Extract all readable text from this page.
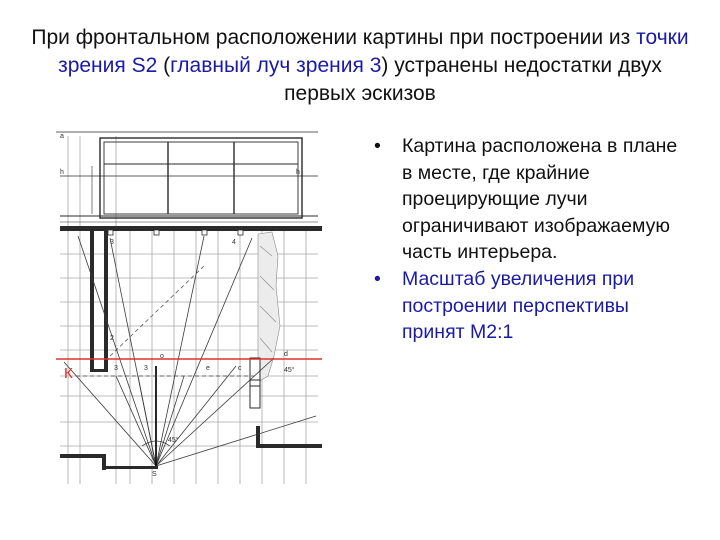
При фронтальном расположении картины при построении из точки зрения S2 (главный луч зрения 3) устранены недостатки двух первых эскизов
a
h	h
3	4
3	3
o	d
2
45°
45°
S
e	c
К
• Картина расположена в плане в месте, где крайние проецирующие лучи ограничивают изображаемую часть интерьера.
• Масштаб увеличения при построении перспективы принят М2:1
